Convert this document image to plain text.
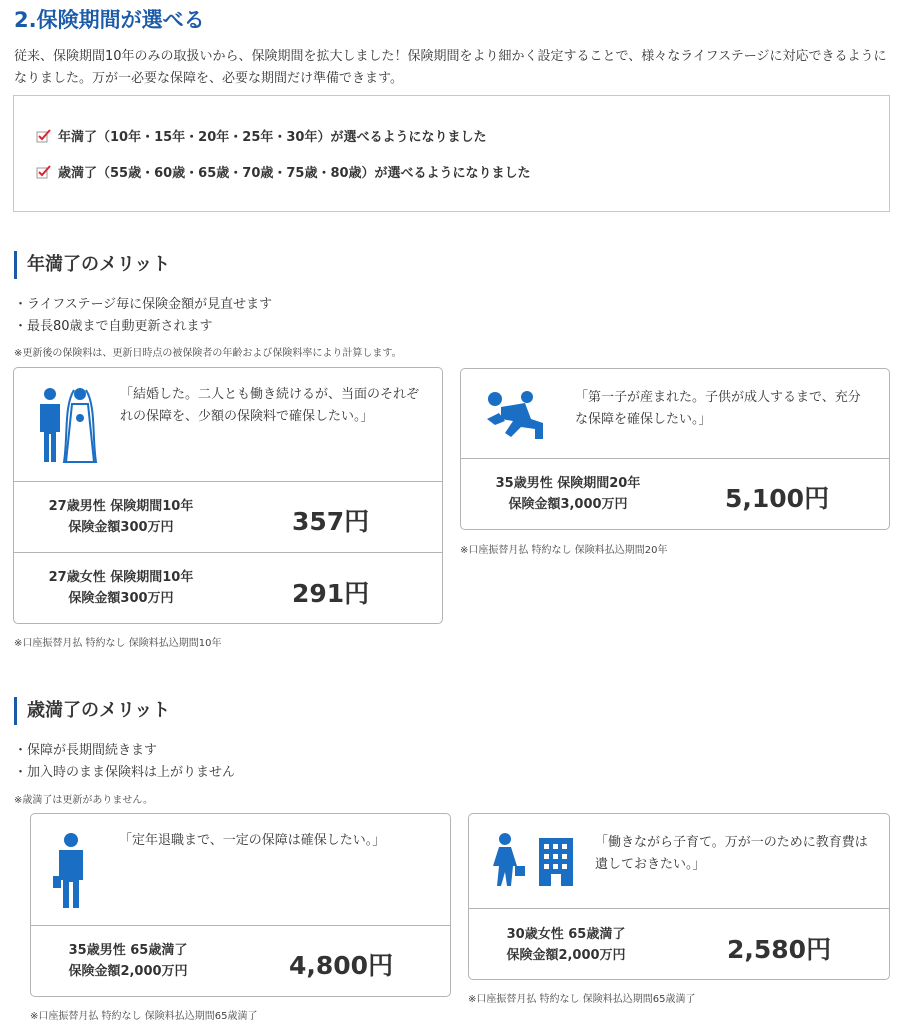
2.保険期間が選べる
従来、保険期間10年のみの取扱いから、保険期間を拡大しました！保険期間をより細かく設定することで、様々なライフステージに対応できるようになりました。万が一必要な保障を、必要な期間だけ準備できます。
年満了（10年・15年・20年・25年・30年）が選べるようになりました
歳満了（55歳・60歳・65歳・70歳・75歳・80歳）が選べるようになりました
年満了のメリット
・ライフステージ毎に保険金額が見直せます
・最長80歳まで自動更新されます
※更新後の保険料は、更新日時点の被保険者の年齢および保険料率により計算します。
「結婚した。二人とも働き続けるが、当面のそれぞれの保障を、少額の保険料で確保したい。」
27歳男性 保険期間10年
保険金額300万円	357円
27歳女性 保険期間10年
保険金額300万円	291円
※口座振替月払 特約なし 保険料払込期間10年
「第一子が産まれた。子供が成人するまで、充分な保障を確保したい。」
35歳男性 保険期間20年
保険金額3,000万円	5,100円
※口座振替月払 特約なし 保険料払込期間20年
歳満了のメリット
・保障が長期間続きます
・加入時のまま保険料は上がりません
※歳満了は更新がありません。
「定年退職まで、一定の保障は確保したい。」
35歳男性 65歳満了
保険金額2,000万円	4,800円
※口座振替月払 特約なし 保険料払込期間65歳満了
「働きながら子育て。万が一のために教育費は遺しておきたい。」
30歳女性 65歳満了
保険金額2,000万円	2,580円
※口座振替月払 特約なし 保険料払込期間65歳満了
